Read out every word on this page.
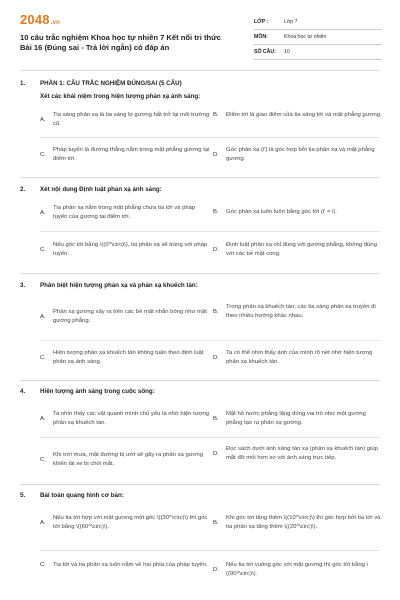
2048.vn
10 câu trắc nghiệm Khoa học tự nhiên 7 Kết nối tri thức Bài 16 (Đúng sai - Trả lời ngắn) có đáp án
LỚP :	Lớp 7
MÔN:	Khoa học tự nhiên
SỐ CÂU:	10
1.	PHẦN 1: CÂU TRẮC NGHIỆM ĐÚNG/SAI (5 CÂU)
Xét các khái niệm trong hiện tượng phản xạ ánh sáng:
A.
Tia sáng phản xạ là tia sáng bị gương hắt trở lại môi trường cũ.
B.	Điểm tới là giao điểm của tia sáng tới và mặt phẳng gương.
C.
Pháp tuyến là đường thẳng nằm trong mặt phẳng gương tại điểm tới.
D.
Góc phản xạ (i') là góc hợp bởi tia phản xạ và mặt phẳng gương.
2.	Xét nội dung Định luật phản xạ ánh sáng:
A.
Tia phản xạ nằm trong mặt phẳng chứa tia tới và pháp tuyến của gương tại điểm tới.
B.	Góc phản xạ luôn luôn bằng góc tới (i' = i).
C.
Nếu góc tới bằng \((0^\circ)\), tia phản xạ sẽ trùng với pháp tuyến.
D.
Định luật phản xạ chỉ đúng với gương phẳng, không đúng với các bề mặt cong.
3.	Phân biệt hiện tượng phản xạ và phản xạ khuếch tán:
A.
Phản xạ gương xảy ra trên các bề mặt nhẵn bóng như mặt gương phẳng.
B.
Trong phản xạ khuếch tán, các tia sáng phản xạ truyền đi theo nhiều hướng khác nhau.
C.
Hiện tượng phản xạ khuếch tán không tuân theo định luật phản xạ ánh sáng.
D.
Ta có thể nhìn thấy ảnh của mình rõ nét nhờ hiện tượng phản xạ khuếch tán.
4.	Hiện tượng ánh sáng trong cuộc sống:
A.
Ta nhìn thấy các vật quanh mình chủ yếu là nhờ hiện tượng phản xạ khuếch tán.
B.
Mặt hồ nước phẳng lặng đóng vai trò như một gương phẳng tạo ra phản xạ gương.
C.
Khi trời mưa, mặt đường bị ướt sẽ gây ra phản xạ gương khiến lái xe bị chói mắt.
D.
Đọc sách dưới ánh sáng tán xạ (phản xạ khuếch tán) giúp mắt đỡ mỏi hơn so với ánh sáng trực tiếp.
5.	Bài toán quang hình cơ bản:
A.
Nếu tia tới hợp với mặt gương một góc \((30^\circ)\) thì góc tới bằng \((60^\circ)\).
B.
Khi góc tới tăng thêm \((10^\circ)\) thì góc hợp bởi tia tới và tia phản xạ tăng thêm \((20^\circ)\).
C.	Tia tới và tia phản xạ luôn nằm về hai phía của pháp tuyến.
D.
Nếu tia tới vuông góc với mặt gương thì góc tới bằng \((90^\circ)\).
